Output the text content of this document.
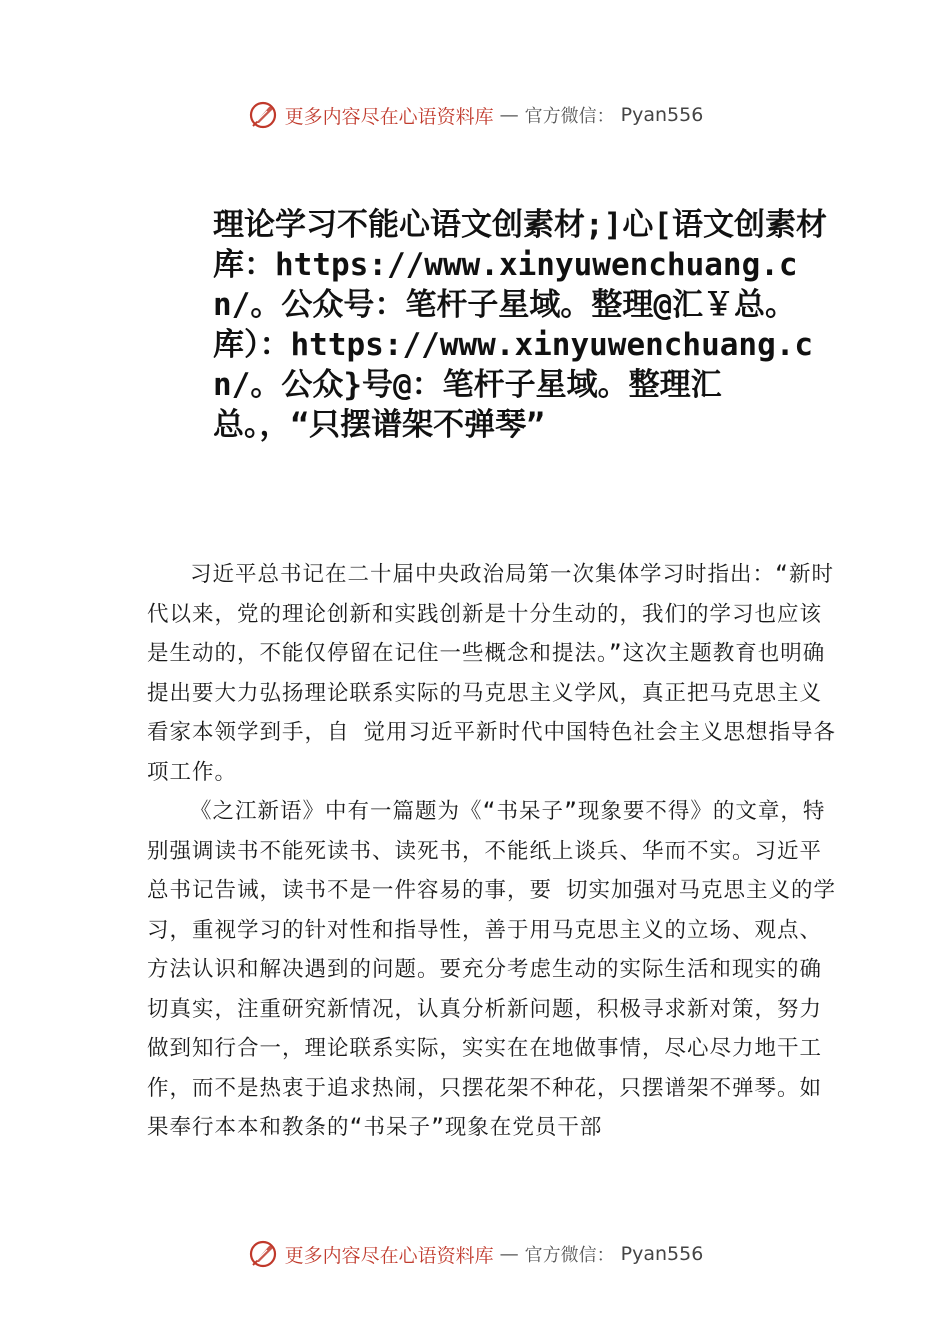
更多内容尽在心语资料库 — 官方微信： Pyan556
理论学习不能心语文创素材;]心[语文创素材库：https://www.xinyuwenchuang.cn/。公众号：笔杆子星域。整理@汇￥总。库）：https://www.xinyuwenchuang.cn/。公众}号@：笔杆子星域。整理汇总。，“只摆谱架不弹琴”

习近平总书记在二十届中央政治局第一次集体学习时指出：“新时代以来，党的理论创新和实践创新是十分生动的，我们的学习也应该是生动的，不能仅停留在记住一些概念和提法。”这次主题教育也明确提出要大力弘扬理论联系实际的马克思主义学风，真正把马克思主义看家本领学到手，自 觉用习近平新时代中国特色社会主义思想指导各项工作。

《之江新语》中有一篇题为《“书呆子”现象要不得》的文章，特别强调读书不能死读书、读死书，不能纸上谈兵、华而不实。习近平总书记告诫，读书不是一件容易的事，要 切实加强对马克思主义的学习，重视学习的针对性和指导性，善于用马克思主义的立场、观点、方法认识和解决遇到的问题。要充分考虑生动的实际生活和现实的确切真实，注重研究新情况，认真分析新问题，积极寻求新对策，努力做到知行合一，理论联系实际，实实在在地做事情，尽心尽力地干工作，而不是热衷于追求热闹，只摆花架不种花，只摆谱架不弹琴。如果奉行本本和教条的“书呆子”现象在党员干部

更多内容尽在心语资料库 — 官方微信： Pyan556
